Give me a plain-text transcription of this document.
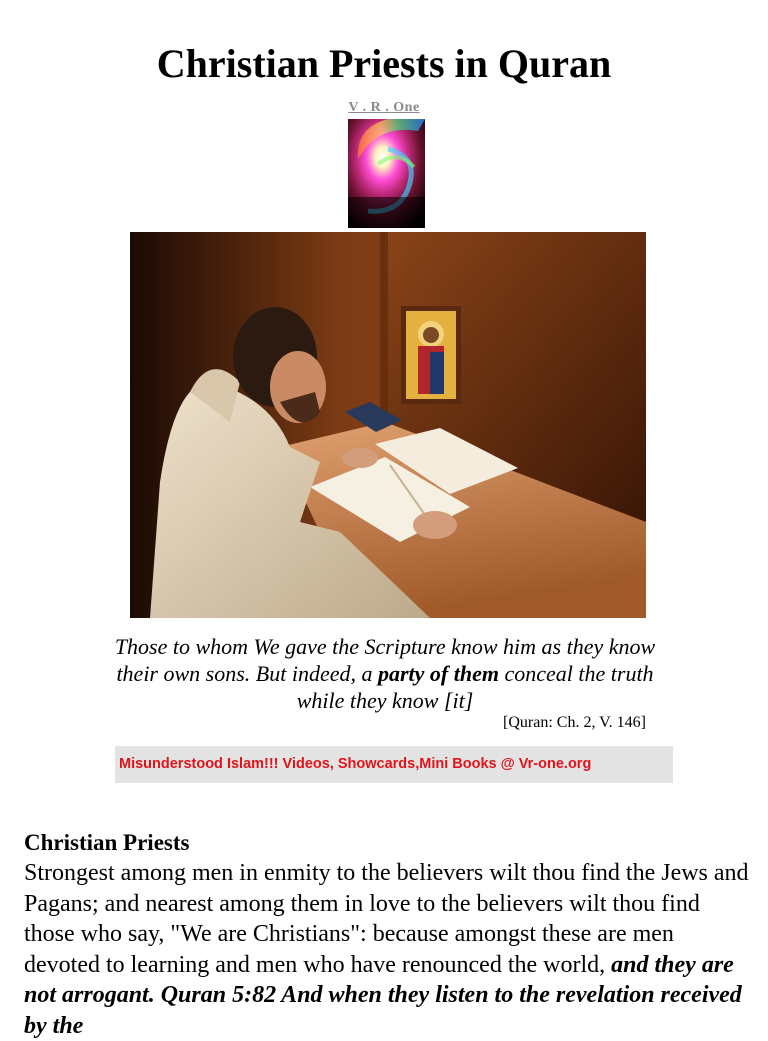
Christian Priests in Quran
V . R . One
Those to whom We gave the Scripture know him as they know their own sons. But indeed, a party of them conceal the truth while they know [it]
[Quran: Ch. 2, V. 146]
Misunderstood Islam!!! Videos, Showcards,Mini Books @ Vr-one.org
Christian Priests
Strongest among men in enmity to the believers wilt thou find the Jews and Pagans; and nearest among them in love to the believers wilt thou find those who say, "We are Christians": because amongst these are men devoted to learning and men who have renounced the world, and they are not arrogant. Quran 5:82 And when they listen to the revelation received by the
